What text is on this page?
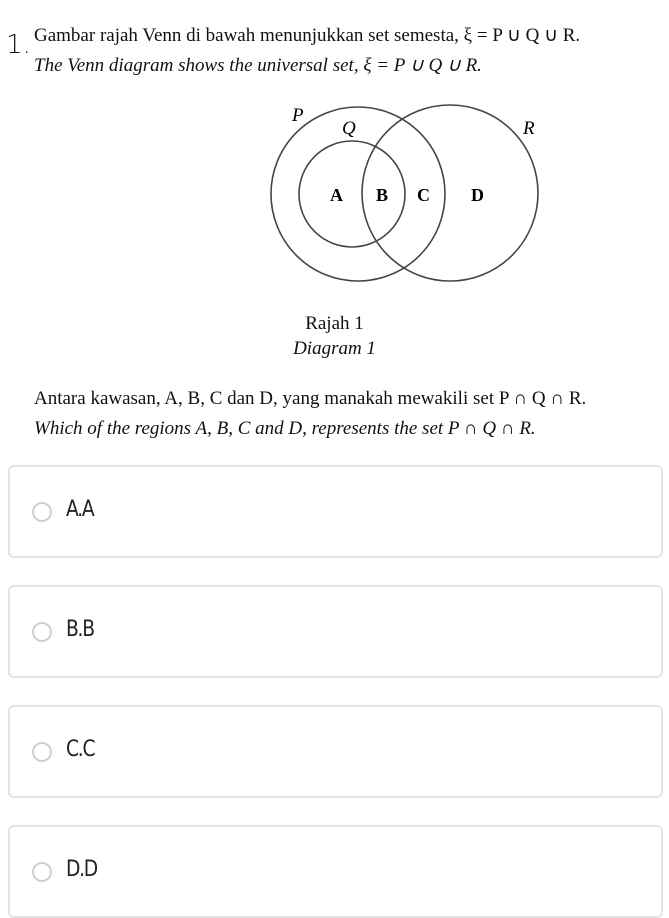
1. Gambar rajah Venn di bawah menunjukkan set semesta, ξ = P ∪ Q ∪ R.
The Venn diagram shows the universal set, ξ = P ∪ Q ∪ R.
P
Q	R
A B C D
Rajah 1
Diagram 1
Antara kawasan, A, B, C dan D, yang manakah mewakili set P ∩ Q ∩ R.
Which of the regions A, B, C and D, represents the set P ∩ Q ∩ R.
A.A
B.B
C.C
D.D
